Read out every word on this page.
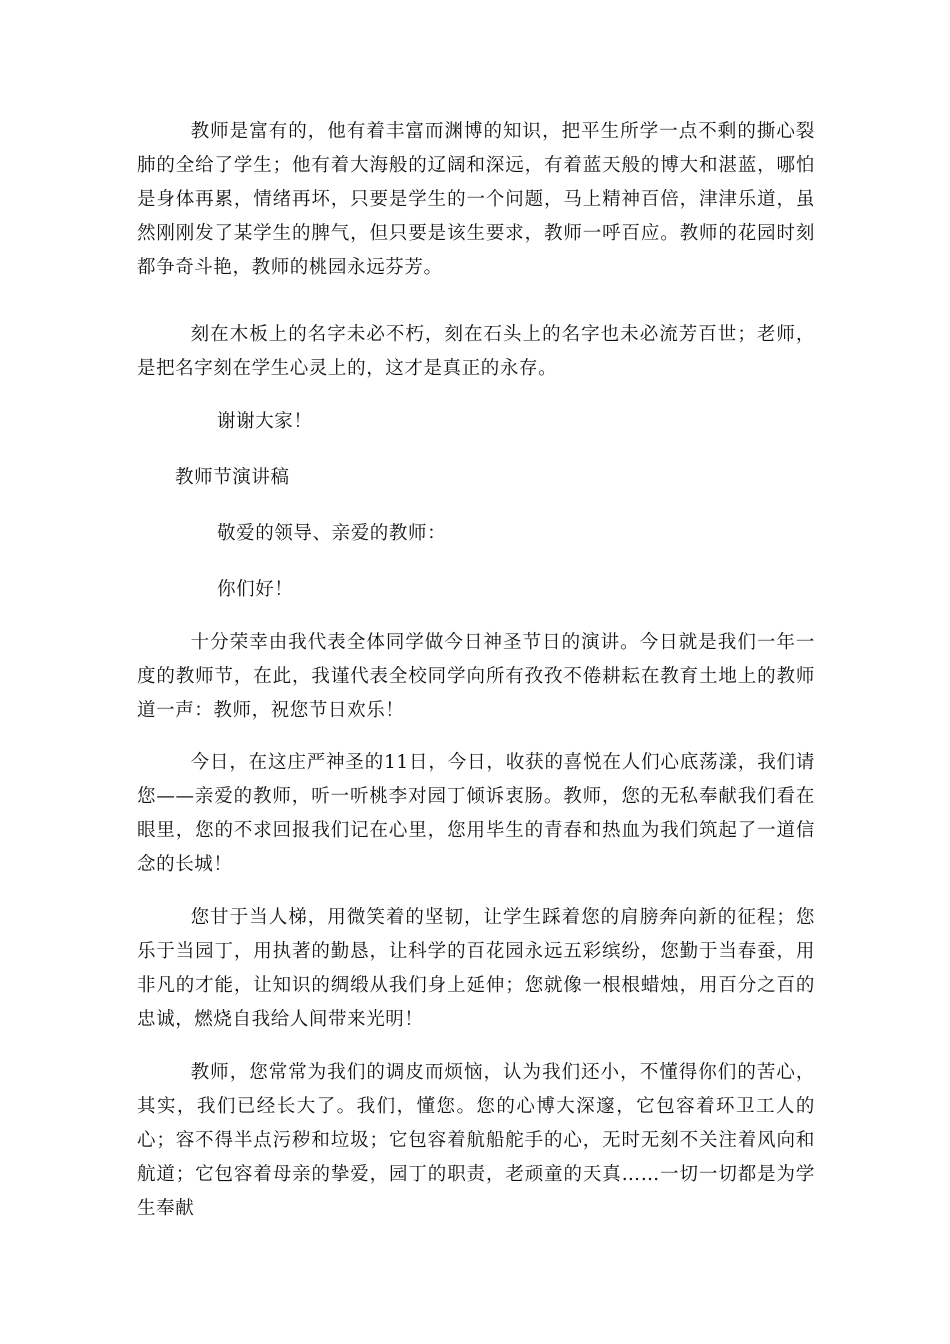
教师是富有的，他有着丰富而渊博的知识，把平生所学一点不剩的撕心裂肺的全给了学生；他有着大海般的辽阔和深远，有着蓝天般的博大和湛蓝，哪怕是身体再累，情绪再坏，只要是学生的一个问题，马上精神百倍，津津乐道，虽然刚刚发了某学生的脾气，但只要是该生要求，教师一呼百应。教师的花园时刻都争奇斗艳，教师的桃园永远芬芳。

刻在木板上的名字未必不朽，刻在石头上的名字也未必流芳百世；老师，是把名字刻在学生心灵上的，这才是真正的永存。

谢谢大家！

教师节演讲稿

敬爱的领导、亲爱的教师：

你们好！

十分荣幸由我代表全体同学做今日神圣节日的演讲。今日就是我们一年一度的教师节，在此，我谨代表全校同学向所有孜孜不倦耕耘在教育土地上的教师道一声：教师，祝您节日欢乐！

今日，在这庄严神圣的11日，今日，收获的喜悦在人们心底荡漾，我们请您——亲爱的教师，听一听桃李对园丁倾诉衷肠。教师，您的无私奉献我们看在眼里，您的不求回报我们记在心里，您用毕生的青春和热血为我们筑起了一道信念的长城！

您甘于当人梯，用微笑着的坚韧，让学生踩着您的肩膀奔向新的征程；您乐于当园丁，用执著的勤恳，让科学的百花园永远五彩缤纷，您勤于当春蚕，用非凡的才能，让知识的绸缎从我们身上延伸；您就像一根根蜡烛，用百分之百的忠诚，燃烧自我给人间带来光明！

教师，您常常为我们的调皮而烦恼，认为我们还小，不懂得你们的苦心，其实，我们已经长大了。我们，懂您。您的心博大深邃，它包容着环卫工人的心；容不得半点污秽和垃圾；它包容着航船舵手的心，无时无刻不关注着风向和航道；它包容着母亲的挚爱，园丁的职责，老顽童的天真……一切一切都是为学生奉献
